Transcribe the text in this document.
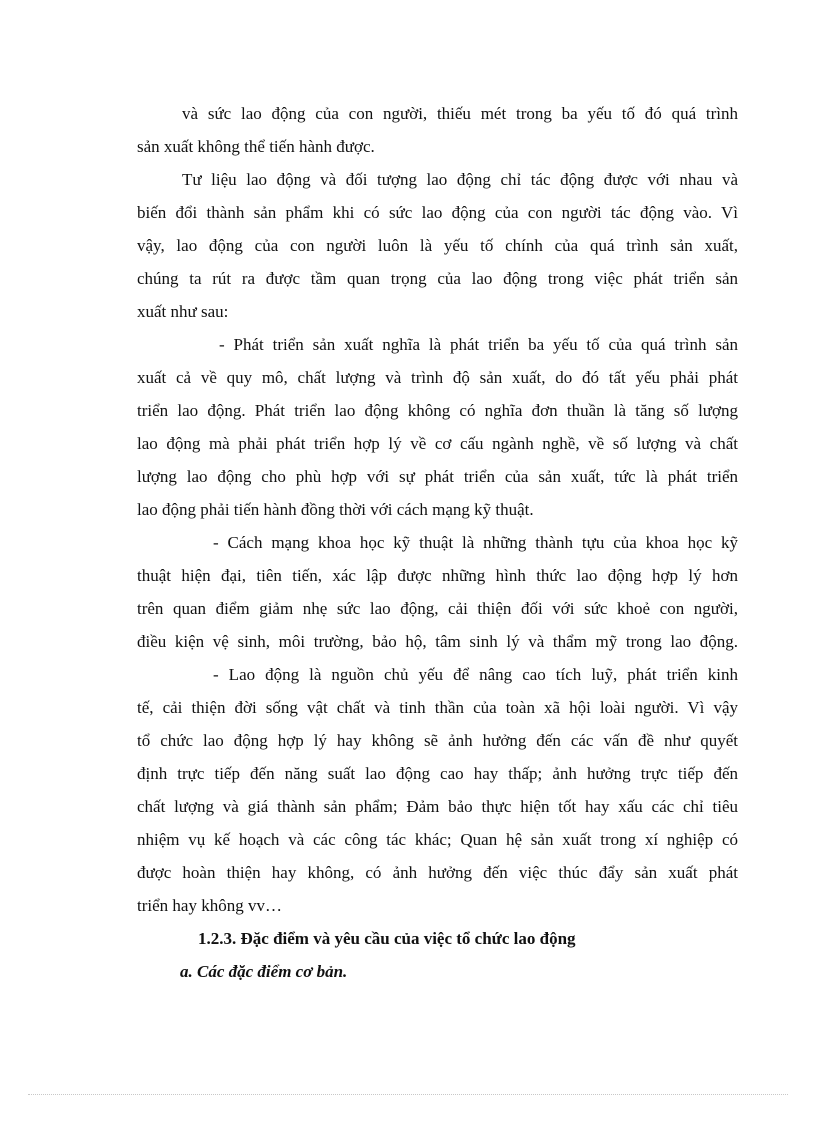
và sức lao động của con người, thiếu mét trong ba yếu tố đó quá trình
sản xuất không thể tiến hành được.
Tư liệu lao động và đối tượng lao động chỉ tác động được với nhau và
biến đổi thành sản phẩm khi có sức lao động của con người tác động vào. Vì
vậy, lao động của con người luôn là yếu tố chính của quá trình sản xuất,
chúng ta rút ra được tầm quan trọng của lao động trong việc phát triển sản
xuất như sau:
- Phát triển sản xuất nghĩa là phát triển ba yếu tố của quá trình sản
xuất cả về quy mô, chất lượng và trình độ sản xuất, do đó tất yếu phải phát
triển lao động. Phát triển lao động không có nghĩa đơn thuần là tăng số lượng
lao động mà phải phát triển hợp lý về cơ cấu ngành nghề, về số lượng và chất
lượng lao động cho phù hợp với sự phát triển của sản xuất, tức là phát triển
lao động phải tiến hành đồng thời với cách mạng kỹ thuật.
- Cách mạng khoa học kỹ thuật là những thành tựu của khoa học kỹ
thuật hiện đại, tiên tiến, xác lập được những hình thức lao động hợp lý hơn
trên quan điểm giảm nhẹ sức lao động, cải thiện đối với sức khoẻ con người,
điều kiện vệ sinh, môi trường, bảo hộ, tâm sinh lý và thẩm mỹ trong lao động.
- Lao động là nguồn chủ yếu để nâng cao tích luỹ, phát triển kinh
tế, cải thiện đời sống vật chất và tinh thần của toàn xã hội loài người. Vì vậy
tổ chức lao động hợp lý hay không sẽ ảnh hưởng đến các vấn đề như quyết
định trực tiếp đến năng suất lao động cao hay thấp; ảnh hưởng trực tiếp đến
chất lượng và giá thành sản phẩm; Đảm bảo thực hiện tốt hay xấu các chỉ tiêu
nhiệm vụ kế hoạch và các công tác khác; Quan hệ sản xuất trong xí nghiệp có
được hoàn thiện hay không, có ảnh hưởng đến việc thúc đẩy sản xuất phát
triển hay không vv…
1.2.3. Đặc điểm và yêu cầu của việc tổ chức lao động
a. Các đặc điểm cơ bản.
